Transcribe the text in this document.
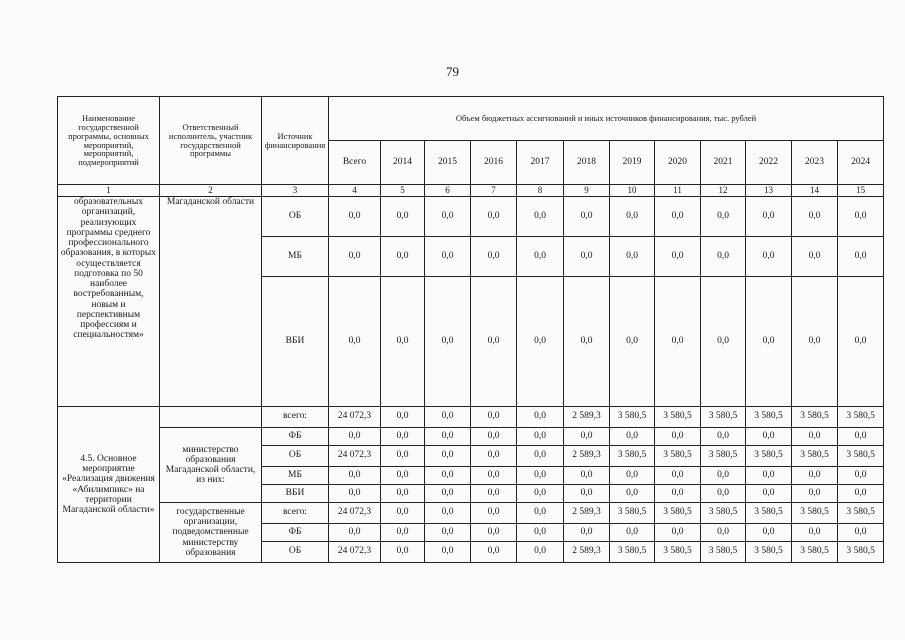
79
Наименование государственной программы, основных мероприятий, мероприятий, подмероприятий	Ответственный исполнитель, участник государственной программы	Источник финансирования	Объем бюджетных ассигнований и иных источников финансирования, тыс. рублей											
			Всего	2014	2015	2016	2017	2018	2019	2020	2021	2022	2023	2024
1	2	3	4	5	6	7	8	9	10	11	12	13	14	15
образовательных организаций, реализующих программы среднего профессионального образования, в которых осуществляется подготовка по 50 наиболее востребованным, новым и перспективным профессиям и специальностям»	Магаданской области	ОБ	0,0	0,0	0,0	0,0	0,0	0,0	0,0	0,0	0,0	0,0	0,0	0,0
		МБ	0,0	0,0	0,0	0,0	0,0	0,0	0,0	0,0	0,0	0,0	0,0	0,0
		ВБИ	0,0	0,0	0,0	0,0	0,0	0,0	0,0	0,0	0,0	0,0	0,0	0,0
4.5. Основное мероприятие «Реализация движения «Абилимпикс» на территории Магаданской области»		всего:	24 072,3	0,0	0,0	0,0	0,0	2 589,3	3 580,5	3 580,5	3 580,5	3 580,5	3 580,5	3 580,5
	министерство образования Магаданской области, из них:	ФБ	0,0	0,0	0,0	0,0	0,0	0,0	0,0	0,0	0,0	0,0	0,0	0,0
		ОБ	24 072,3	0,0	0,0	0,0	0,0	2 589,3	3 580,5	3 580,5	3 580,5	3 580,5	3 580,5	3 580,5
		МБ	0,0	0,0	0,0	0,0	0,0	0,0	0,0	0,0	0,0	0,0	0,0	0,0
		ВБИ	0,0	0,0	0,0	0,0	0,0	0,0	0,0	0,0	0,0	0,0	0,0	0,0
	государственные организации, подведомственные министерству образования	всего:	24 072,3	0,0	0,0	0,0	0,0	2 589,3	3 580,5	3 580,5	3 580,5	3 580,5	3 580,5	3 580,5
		ФБ	0,0	0,0	0,0	0,0	0,0	0,0	0,0	0,0	0,0	0,0	0,0	0,0
		ОБ	24 072,3	0,0	0,0	0,0	0,0	2 589,3	3 580,5	3 580,5	3 580,5	3 580,5	3 580,5	3 580,5
